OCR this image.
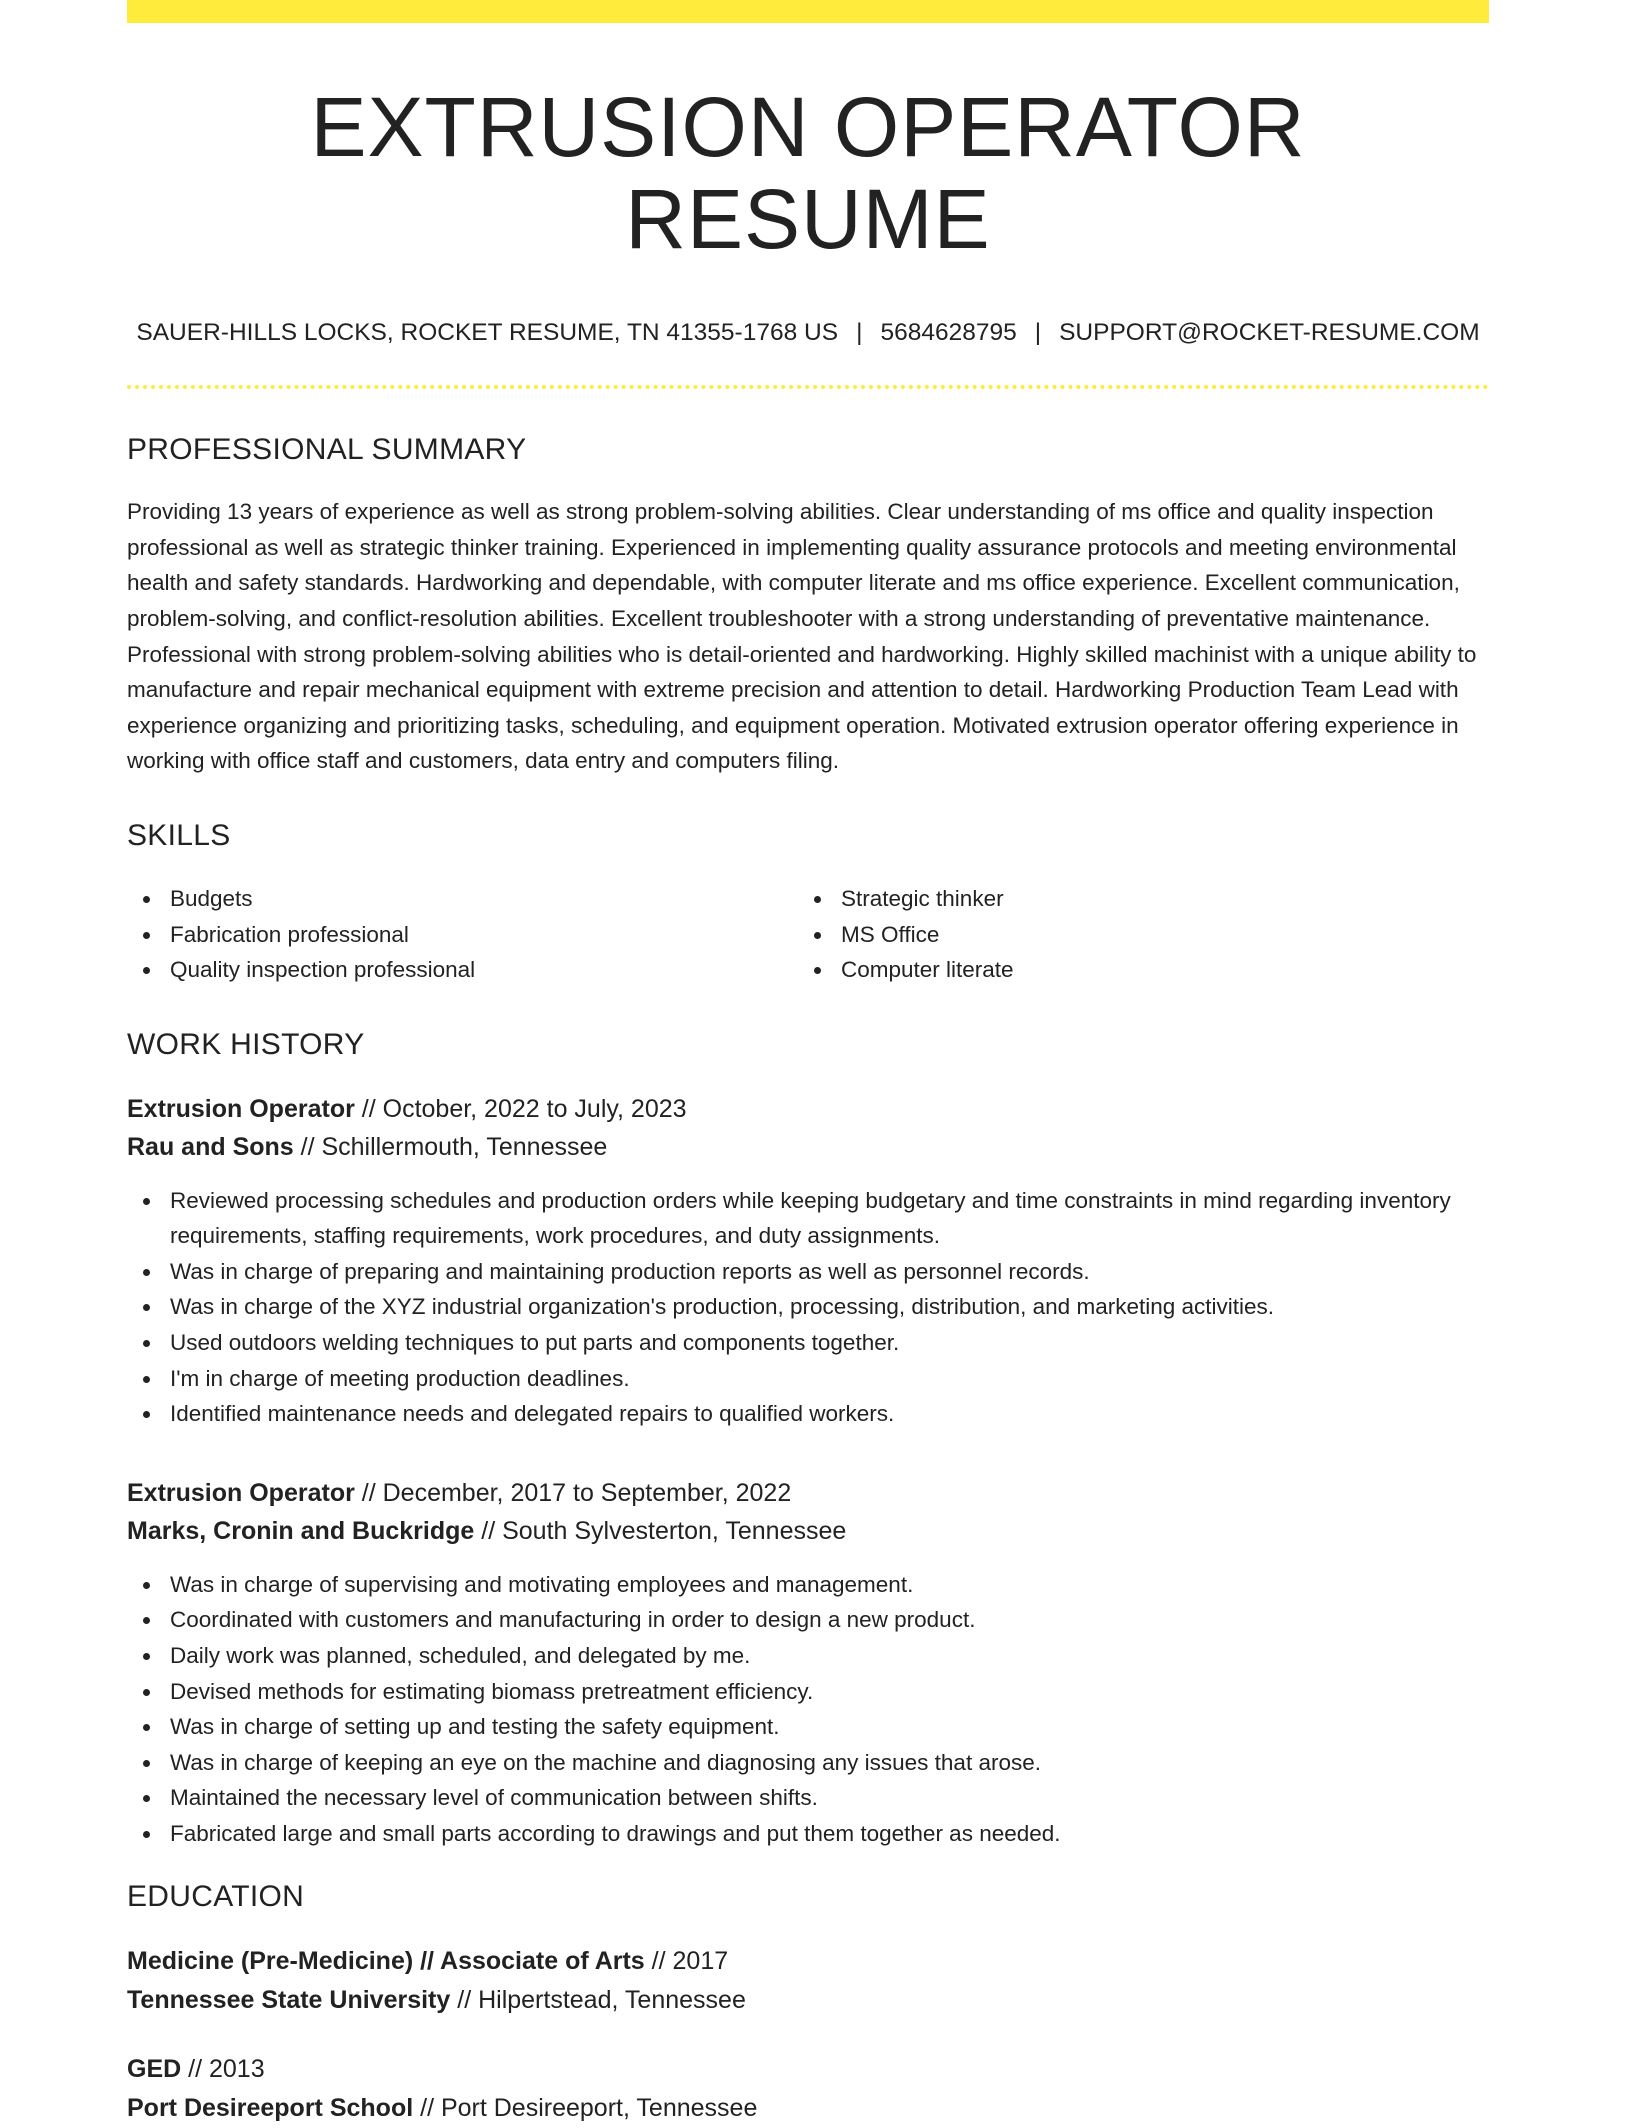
EXTRUSION OPERATOR RESUME
SAUER-HILLS LOCKS, ROCKET RESUME, TN 41355-1768 US | 5684628795 | SUPPORT@ROCKET-RESUME.COM
PROFESSIONAL SUMMARY
Providing 13 years of experience as well as strong problem-solving abilities. Clear understanding of ms office and quality inspection professional as well as strategic thinker training. Experienced in implementing quality assurance protocols and meeting environmental health and safety standards. Hardworking and dependable, with computer literate and ms office experience. Excellent communication, problem-solving, and conflict-resolution abilities. Excellent troubleshooter with a strong understanding of preventative maintenance. Professional with strong problem-solving abilities who is detail-oriented and hardworking. Highly skilled machinist with a unique ability to manufacture and repair mechanical equipment with extreme precision and attention to detail. Hardworking Production Team Lead with experience organizing and prioritizing tasks, scheduling, and equipment operation. Motivated extrusion operator offering experience in working with office staff and customers, data entry and computers filing.
SKILLS
Budgets
Fabrication professional
Quality inspection professional
Strategic thinker
MS Office
Computer literate
WORK HISTORY
Extrusion Operator // October, 2022 to July, 2023
Rau and Sons // Schillermouth, Tennessee
Reviewed processing schedules and production orders while keeping budgetary and time constraints in mind regarding inventory requirements, staffing requirements, work procedures, and duty assignments.
Was in charge of preparing and maintaining production reports as well as personnel records.
Was in charge of the XYZ industrial organization's production, processing, distribution, and marketing activities.
Used outdoors welding techniques to put parts and components together.
I'm in charge of meeting production deadlines.
Identified maintenance needs and delegated repairs to qualified workers.
Extrusion Operator // December, 2017 to September, 2022
Marks, Cronin and Buckridge // South Sylvesterton, Tennessee
Was in charge of supervising and motivating employees and management.
Coordinated with customers and manufacturing in order to design a new product.
Daily work was planned, scheduled, and delegated by me.
Devised methods for estimating biomass pretreatment efficiency.
Was in charge of setting up and testing the safety equipment.
Was in charge of keeping an eye on the machine and diagnosing any issues that arose.
Maintained the necessary level of communication between shifts.
Fabricated large and small parts according to drawings and put them together as needed.
EDUCATION
Medicine (Pre-Medicine) // Associate of Arts // 2017
Tennessee State University // Hilpertstead, Tennessee
GED // 2013
Port Desireeport School // Port Desireeport, Tennessee
